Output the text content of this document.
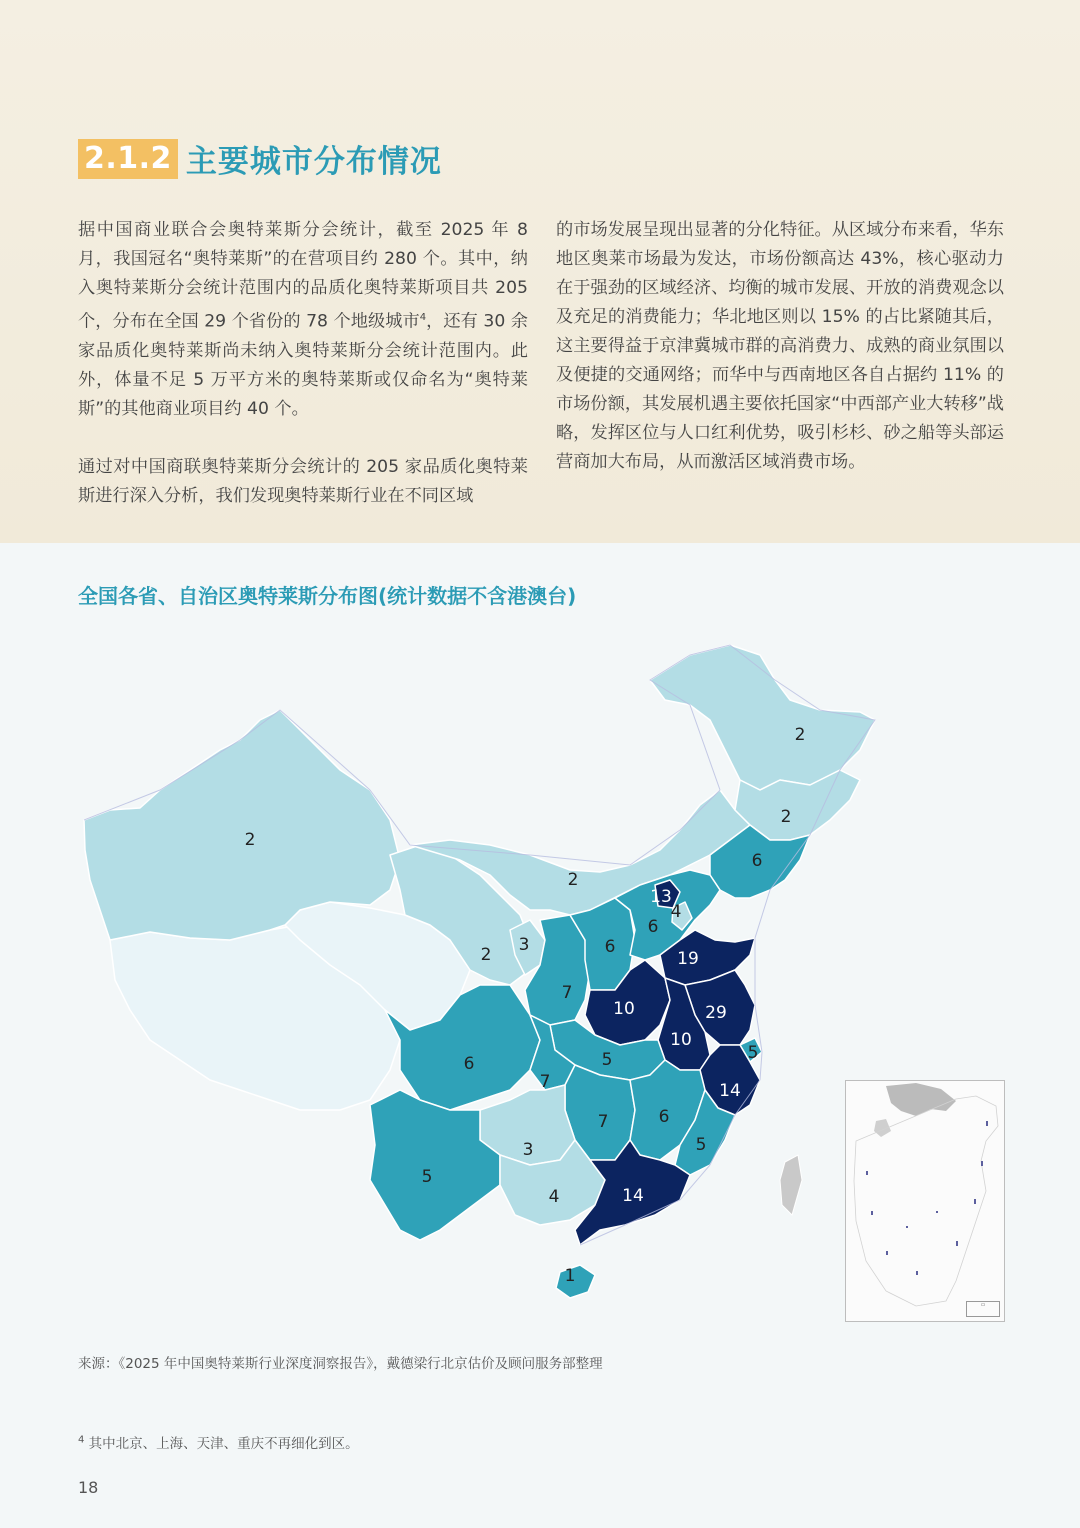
2.1.2 主要城市分布情况

据中国商业联合会奥特莱斯分会统计，截至 2025 年 8 月，我国冠名“奥特莱斯”的在营项目约 280 个。其中，纳入奥特莱斯分会统计范围内的品质化奥特莱斯项目共 205 个，分布在全国 29 个省份的 78 个地级城市$^4$，还有 30 余家品质化奥特莱斯尚未纳入奥特莱斯分会统计范围内。此外，体量不足 5 万平方米的奥特莱斯或仅命名为“奥特莱斯”的其他商业项目约 40 个。

通过对中国商联奥特莱斯分会统计的 205 家品质化奥特莱斯进行深入分析，我们发现奥特莱斯行业在不同区域

的市场发展呈现出显著的分化特征。从区域分布来看，华东地区奥莱市场最为发达，市场份额高达 43%，核心驱动力在于强劲的区域经济、均衡的城市发展、开放的消费观念以及充足的消费能力；华北地区则以 15% 的占比紧随其后，这主要得益于京津冀城市群的高消费力、成熟的商业氛围以及便捷的交通网络；而华中与西南地区各自占据约 11% 的市场份额，其发展机遇主要依托国家“中西部产业大转移”战略，发挥区位与人口红利优势，吸引杉杉、砂之船等头部运营商加大布局，从而激活区域消费市场。

全国各省、自治区奥特莱斯分布图(统计数据不含港澳台)
2
2
2
6
2
13
4
6
6
3
2
7
19
10	29
10
5
5
14
6
7
7	6
5
3
5
4	14
1
▭
来源：《2025 年中国奥特莱斯行业深度洞察报告》，戴德梁行北京估价及顾问服务部整理
$^4$ 其中北京、上海、天津、重庆不再细化到区。
18
